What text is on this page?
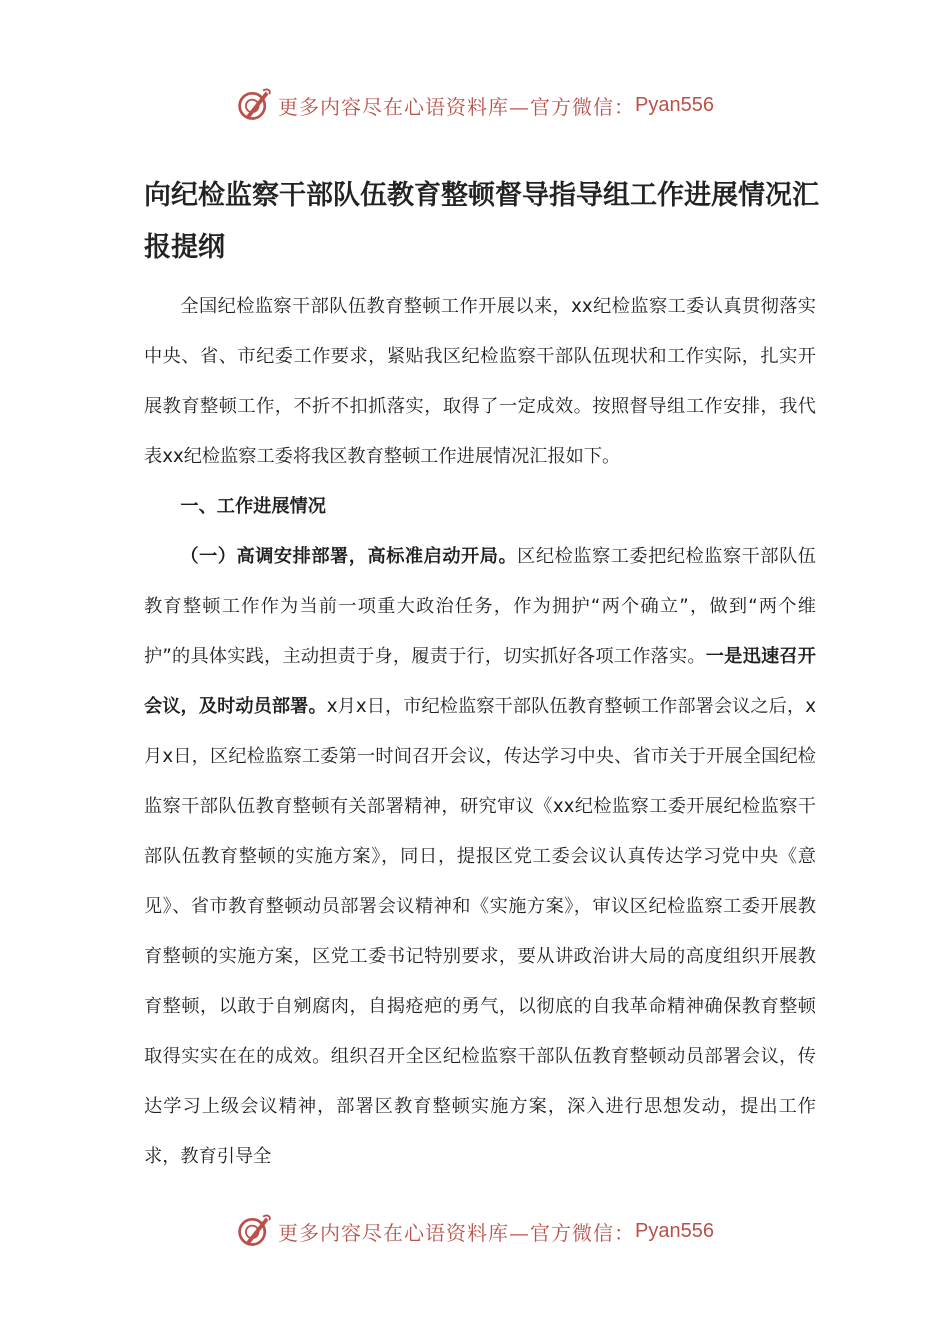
更多内容尽在心语资料库—官方微信： Pyan556
向纪检监察干部队伍教育整顿督导指导组工作进展情况汇报提纲

全国纪检监察干部队伍教育整顿工作开展以来，xx纪检监察工委认真贯彻落实中央、省、市纪委工作要求，紧贴我区纪检监察干部队伍现状和工作实际，扎实开展教育整顿工作，不折不扣抓落实，取得了一定成效。按照督导组工作安排，我代表xx纪检监察工委将我区教育整顿工作进展情况汇报如下。

一、工作进展情况

（一）高调安排部署，高标准启动开局。区纪检监察工委把纪检监察干部队伍教育整顿工作作为当前一项重大政治任务，作为拥护“两个确立”，做到“两个维护”的具体实践，主动担责于身，履责于行，切实抓好各项工作落实。一是迅速召开会议，及时动员部署。x月x日，市纪检监察干部队伍教育整顿工作部署会议之后，x月x日，区纪检监察工委第一时间召开会议，传达学习中央、省市关于开展全国纪检监察干部队伍教育整顿有关部署精神，研究审议《xx纪检监察工委开展纪检监察干部队伍教育整顿的实施方案》，同日，提报区党工委会议认真传达学习党中央《意见》、省市教育整顿动员部署会议精神和《实施方案》，审议区纪检监察工委开展教育整顿的实施方案，区党工委书记特别要求，要从讲政治讲大局的高度组织开展教育整顿，以敢于自剜腐肉，自揭疮疤的勇气，以彻底的自我革命精神确保教育整顿取得实实在在的成效。组织召开全区纪检监察干部队伍教育整顿动员部署会议，传达学习上级会议精神，部署区教育整顿实施方案，深入进行思想发动，提出工作求，教育引导全

更多内容尽在心语资料库—官方微信： Pyan556
